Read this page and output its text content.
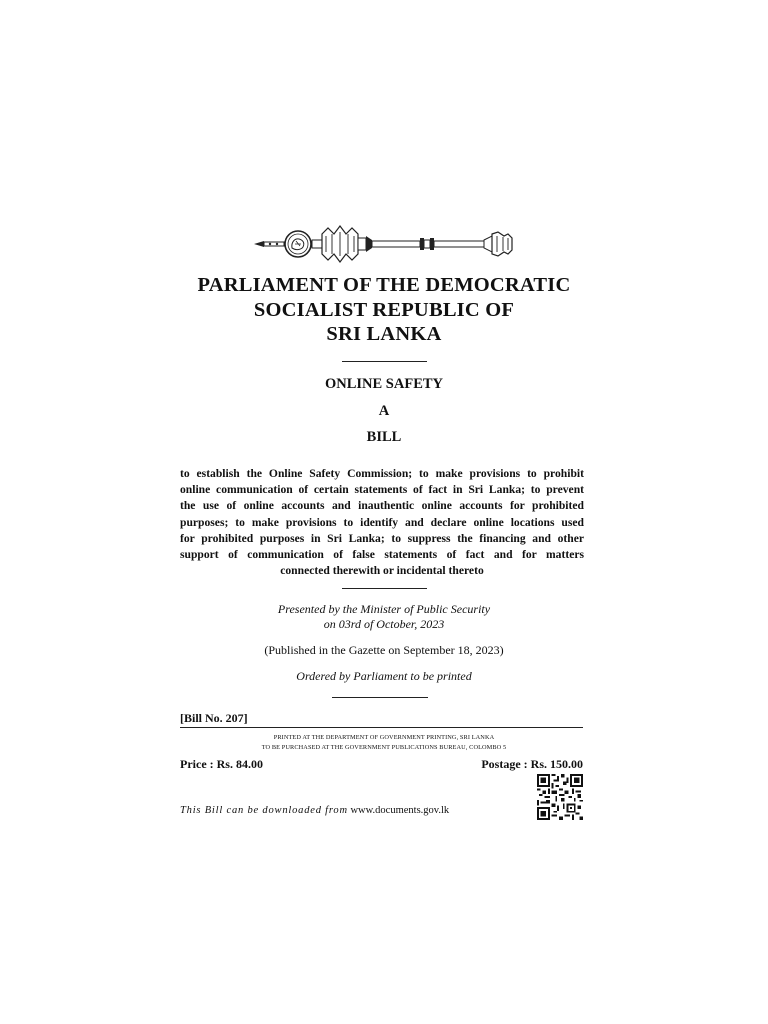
PARLIAMENT OF THE DEMOCRATIC
SOCIALIST REPUBLIC OF
SRI LANKA
ONLINE SAFETY
A
BILL
to establish the Online Safety Commission; to make provisions to prohibit
online communication of certain statements of fact in Sri Lanka; to prevent
the use of online accounts and inauthentic online accounts for prohibited
purposes; to make provisions to identify and declare online locations used
for prohibited purposes in Sri Lanka; to suppress the financing and other
support of communication of false statements of fact and for matters
connected therewith or incidental thereto
Presented by the Minister of Public Security
on 03rd of October, 2023
(Published in the Gazette on September 18, 2023)
Ordered by Parliament to be printed
[Bill No. 207]
PRINTED AT THE DEPARTMENT OF GOVERNMENT PRINTING, SRI LANKA
TO BE PURCHASED AT THE GOVERNMENT PUBLICATIONS BUREAU, COLOMBO 5
Price : Rs. 84.00	Postage : Rs. 150.00
This Bill can be downloaded from www.documents.gov.lk
